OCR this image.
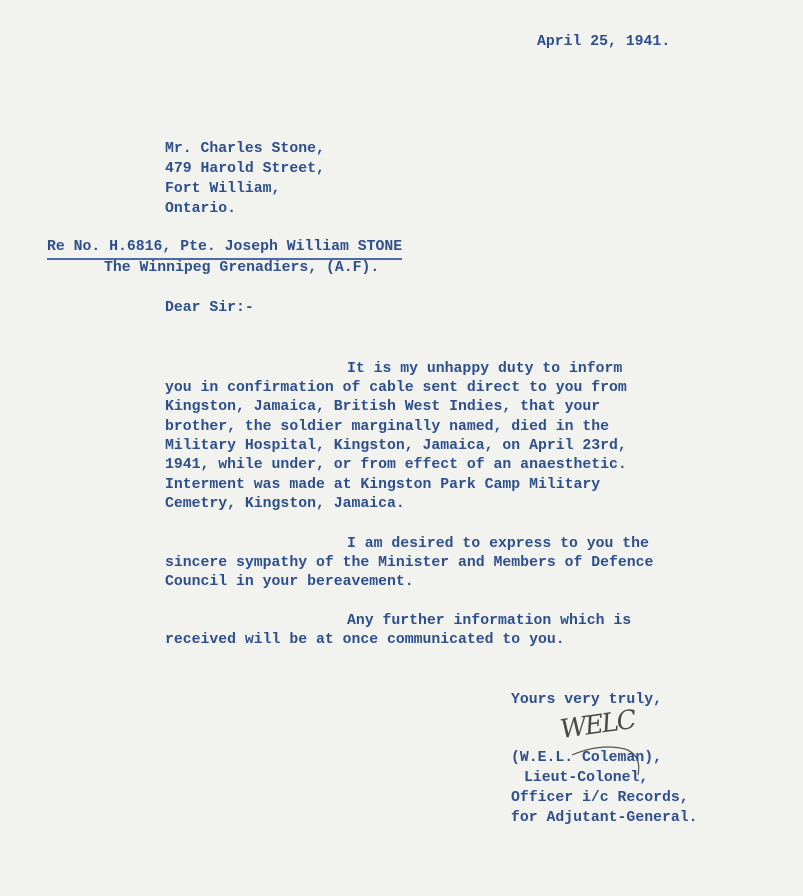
April 25, 1941.
Mr. Charles Stone,
479 Harold Street,
Fort William,
Ontario.
Re No. H.6816, Pte. Joseph William STONE
The Winnipeg Grenadiers, (A.F).
Dear Sir:-
It is my unhappy duty to inform
you in confirmation of cable sent direct to you from
Kingston, Jamaica, British West Indies, that your
brother, the soldier marginally named, died in the
Military Hospital, Kingston, Jamaica, on April 23rd,
1941, while under, or from effect of an anaesthetic.
Interment was made at Kingston Park Camp Military
Cemetry, Kingston, Jamaica.
I am desired to express to you the
sincere sympathy of the Minister and Members of Defence
Council in your bereavement.
Any further information which is
received will be at once communicated to you.
Yours very truly,
WELC
(W.E.L. Coleman),
Lieut-Colonel,
Officer i/c Records,
for Adjutant-General.
